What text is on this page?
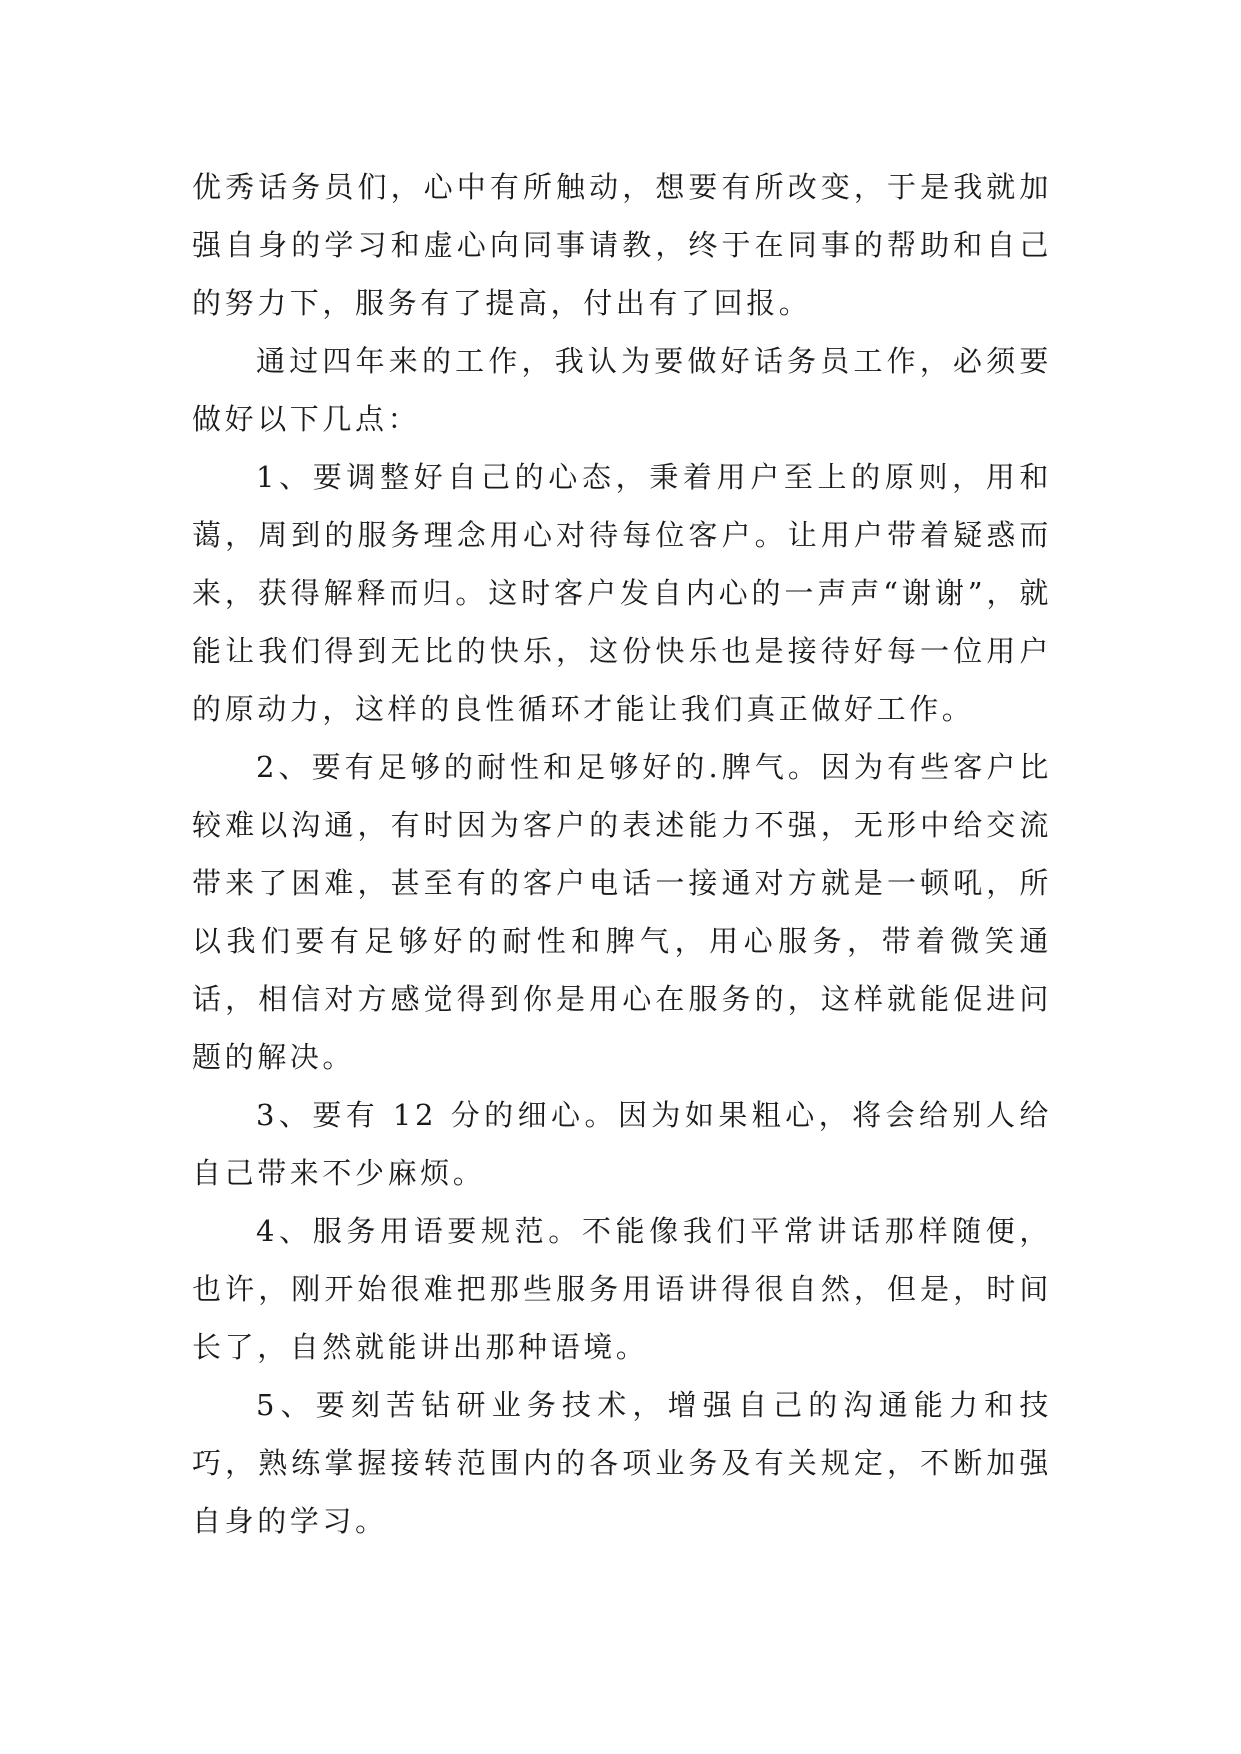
优秀话务员们，心中有所触动，想要有所改变，于是我就加强自身的学习和虚心向同事请教，终于在同事的帮助和自己的努力下，服务有了提高，付出有了回报。

通过四年来的工作，我认为要做好话务员工作，必须要做好以下几点：

1、要调整好自己的心态，秉着用户至上的原则，用和蔼，周到的服务理念用心对待每位客户。让用户带着疑惑而来，获得解释而归。这时客户发自内心的一声声“谢谢”，就能让我们得到无比的快乐，这份快乐也是接待好每一位用户的原动力，这样的良性循环才能让我们真正做好工作。

2、要有足够的耐性和足够好的.脾气。因为有些客户比较难以沟通，有时因为客户的表述能力不强，无形中给交流带来了困难，甚至有的客户电话一接通对方就是一顿吼，所以我们要有足够好的耐性和脾气，用心服务，带着微笑通话，相信对方感觉得到你是用心在服务的，这样就能促进问题的解决。

3、要有 12 分的细心。因为如果粗心，将会给别人给自己带来不少麻烦。

4、服务用语要规范。不能像我们平常讲话那样随便，也许，刚开始很难把那些服务用语讲得很自然，但是，时间长了，自然就能讲出那种语境。

5、要刻苦钻研业务技术，增强自己的沟通能力和技巧，熟练掌握接转范围内的各项业务及有关规定，不断加强自身的学习。
